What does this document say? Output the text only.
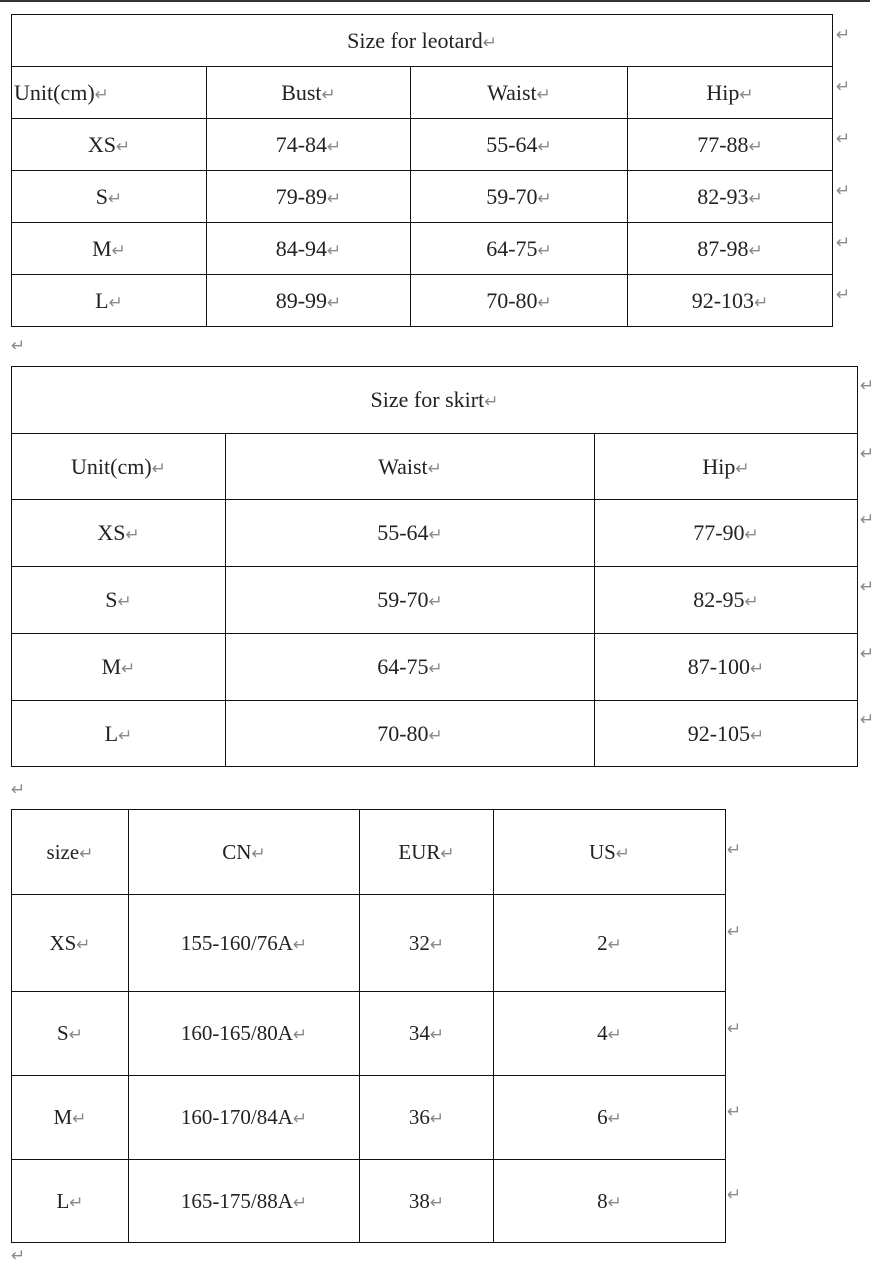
Size for leotard↵			
Unit(cm)↵	Bust↵	Waist↵	Hip↵
XS↵	74-84↵	55-64↵	77-88↵
S↵	79-89↵	59-70↵	82-93↵
M↵	84-94↵	64-75↵	87-98↵
L↵	89-99↵	70-80↵	92-103↵
↵
↵
↵
↵
↵
↵
↵
Size for skirt↵		
Unit(cm)↵	Waist↵	Hip↵
XS↵	55-64↵	77-90↵
S↵	59-70↵	82-95↵
M↵	64-75↵	87-100↵
L↵	70-80↵	92-105↵
↵
↵
↵
↵
↵
↵
↵
size↵	CN↵	EUR↵	US↵
XS↵	155-160/76A↵	32↵	2↵
S↵	160-165/80A↵	34↵	4↵
M↵	160-170/84A↵	36↵	6↵
L↵	165-175/88A↵	38↵	8↵
↵
↵
↵
↵
↵
↵
